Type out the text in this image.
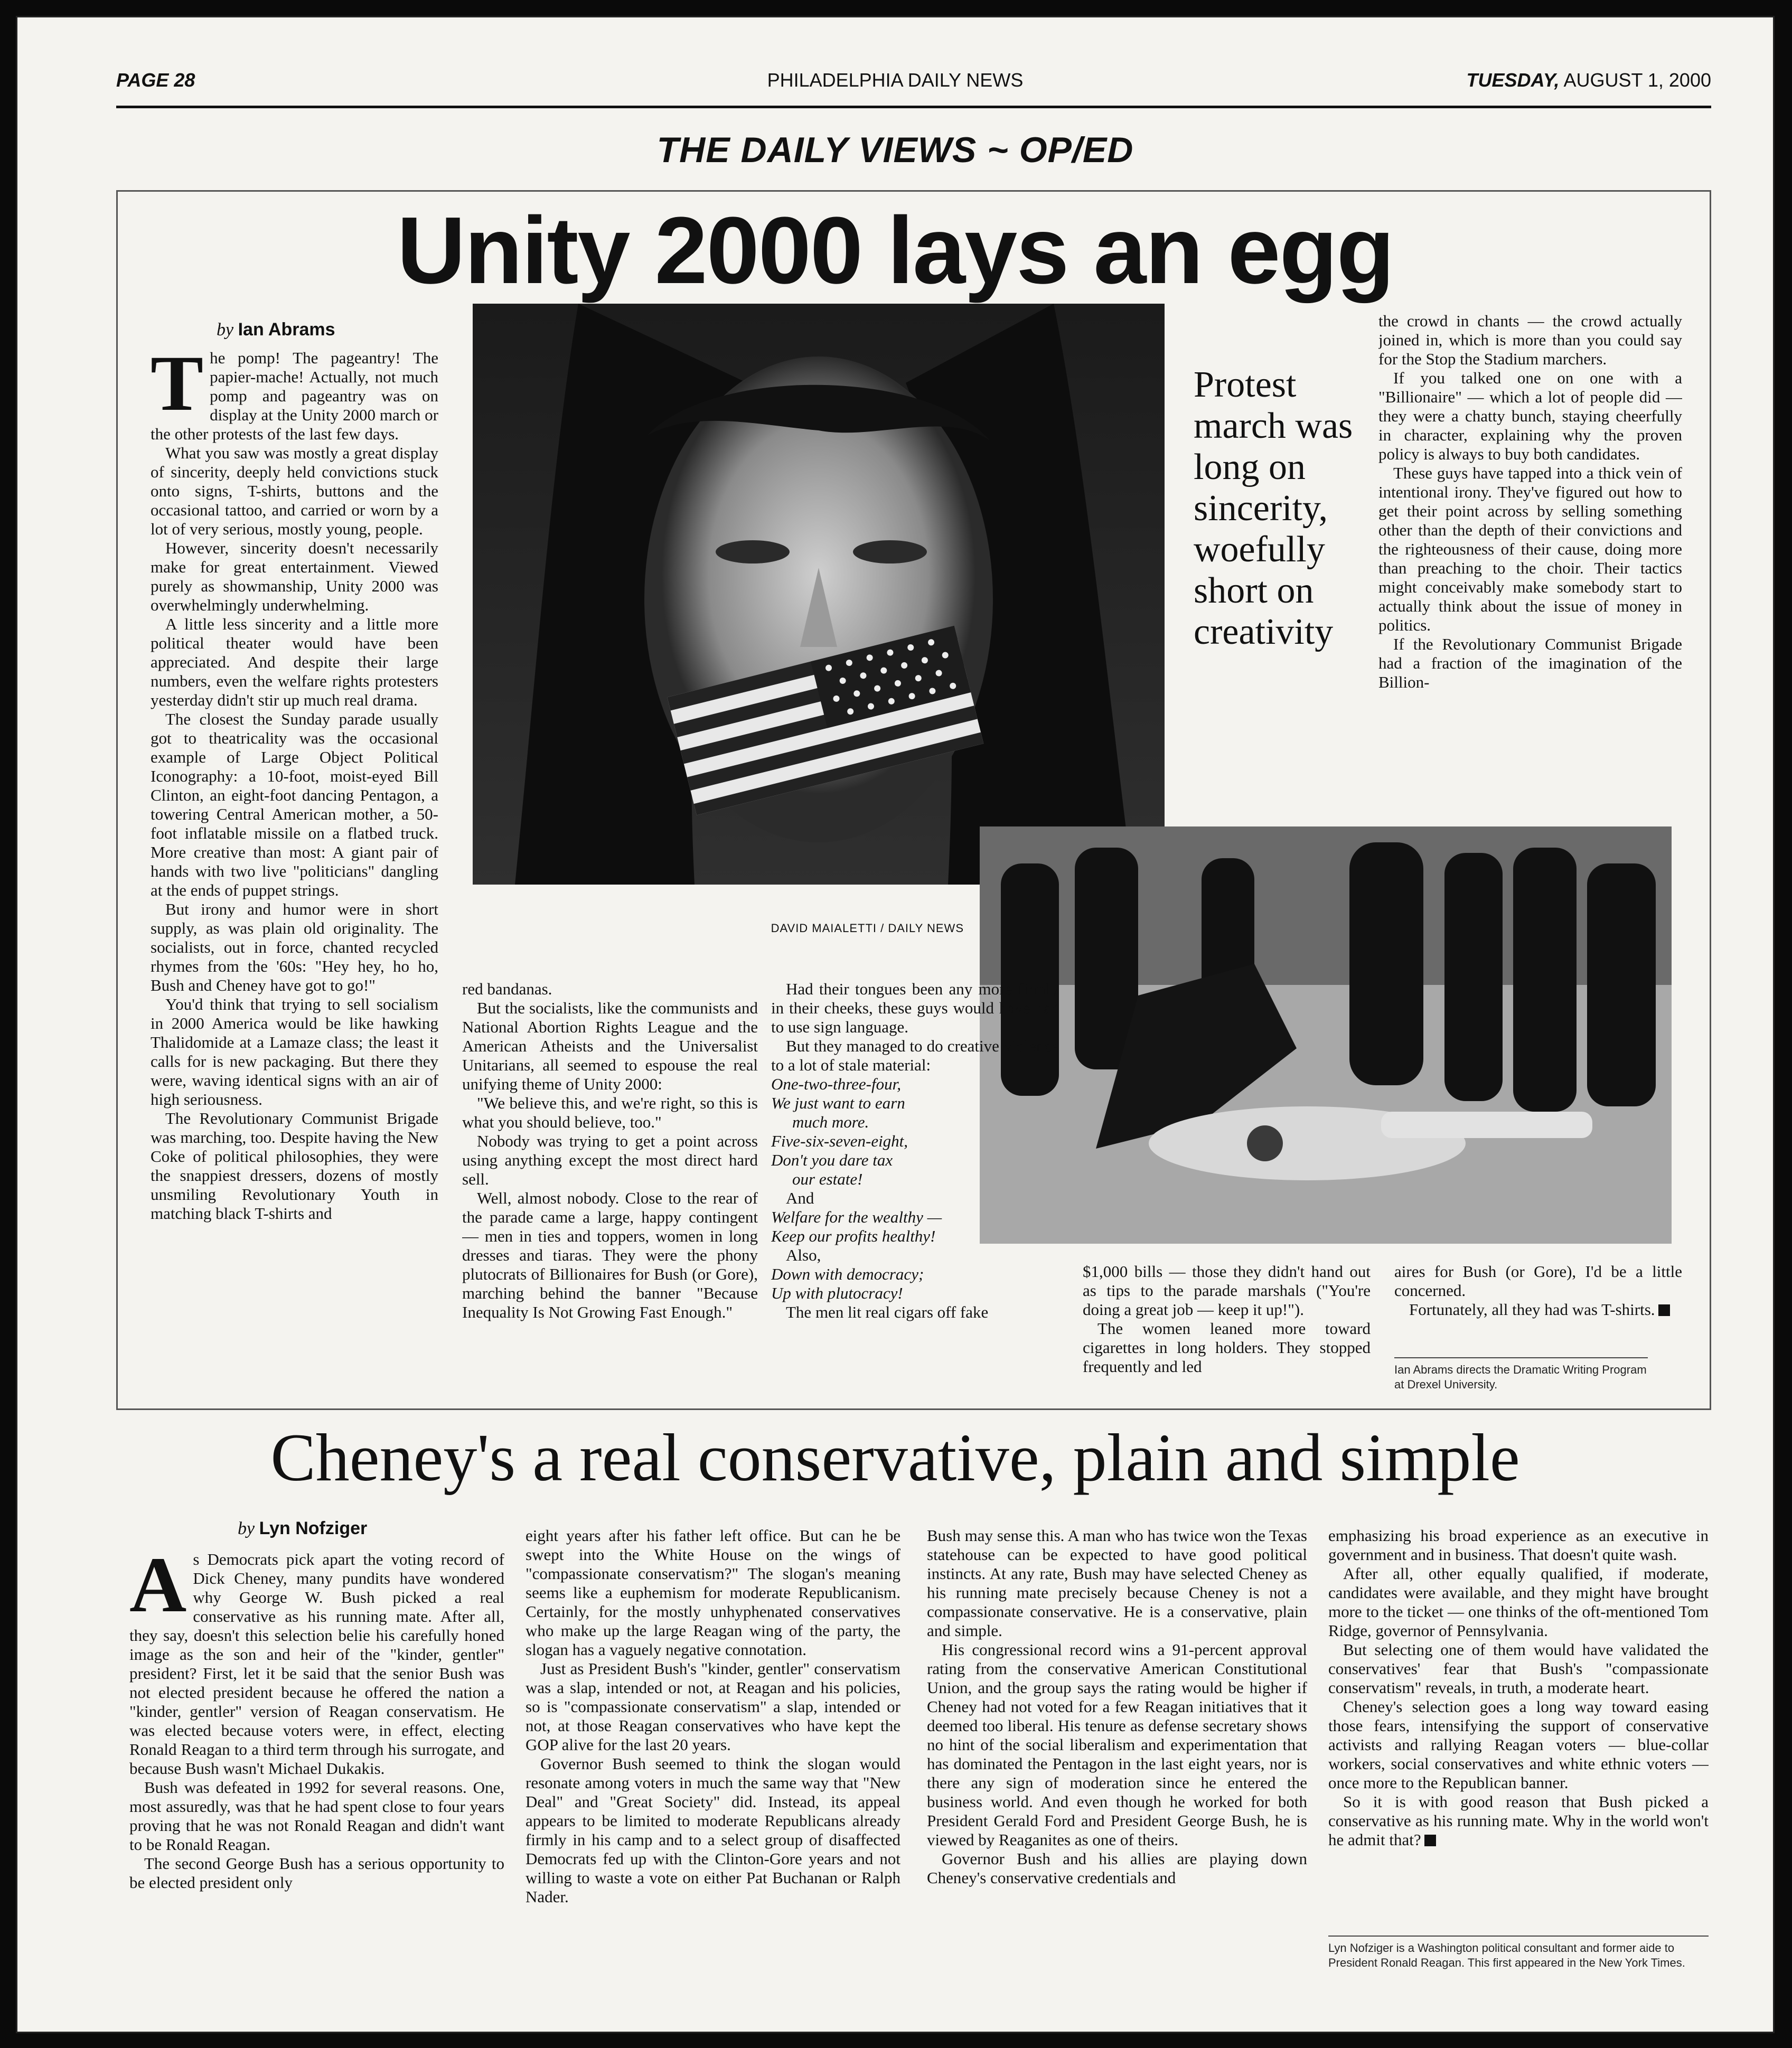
PAGE 28	PHILADELPHIA DAILY NEWS	TUESDAY, AUGUST 1, 2000
THE DAILY VIEWS ~ OP/ED
Unity 2000 lays an egg
by Ian Abrams

The pomp! The pageantry! The papier-mache! Actually, not much pomp and pageantry was on display at the Unity 2000 march or the other protests of the last few days.

What you saw was mostly a great display of sincerity, deeply held convictions stuck onto signs, T-shirts, buttons and the occasional tattoo, and carried or worn by a lot of very serious, mostly young, people.

However, sincerity doesn't necessarily make for great entertainment. Viewed purely as showmanship, Unity 2000 was overwhelmingly underwhelming.

A little less sincerity and a little more political theater would have been appreciated. And despite their large numbers, even the welfare rights protesters yesterday didn't stir up much real drama.

The closest the Sunday parade usually got to theatricality was the occasional example of Large Object Political Iconography: a 10-foot, moist-eyed Bill Clinton, an eight-foot dancing Pentagon, a towering Central American mother, a 50-foot inflatable missile on a flatbed truck. More creative than most: A giant pair of hands with two live "politicians" dangling at the ends of puppet strings.

But irony and humor were in short supply, as was plain old originality. The socialists, out in force, chanted recycled rhymes from the '60s: "Hey hey, ho ho, Bush and Cheney have got to go!"

You'd think that trying to sell socialism in 2000 America would be like hawking Thalidomide at a Lamaze class; the least it calls for is new packaging. But there they were, waving identical signs with an air of high seriousness.

The Revolutionary Communist Brigade was marching, too. Despite having the New Coke of political philosophies, they were the snappiest dressers, dozens of mostly unsmiling Revolutionary Youth in matching black T-shirts and

DAVID MAIALETTI / DAILY NEWS
Protest march was long on sincerity, woefully short on creativity

the crowd in chants — the crowd actually joined in, which is more than you could say for the Stop the Stadium marchers.

If you talked one on one with a "Billionaire" — which a lot of people did — they were a chatty bunch, staying cheerfully in character, explaining why the proven policy is always to buy both candidates.

These guys have tapped into a thick vein of intentional irony. They've figured out how to get their point across by selling something other than the depth of their convictions and the righteousness of their cause, doing more than preaching to the choir. Their tactics might conceivably make somebody start to actually think about the issue of money in politics.

If the Revolutionary Communist Brigade had a fraction of the imagination of the Billion-

red bandanas.

But the socialists, like the communists and National Abortion Rights League and the American Atheists and the Universalist Unitarians, all seemed to espouse the real unifying theme of Unity 2000:

"We believe this, and we're right, so this is what you should believe, too."

Nobody was trying to get a point across using anything except the most direct hard sell.

Well, almost nobody. Close to the rear of the parade came a large, happy contingent — men in ties and toppers, women in long dresses and tiaras. They were the phony plutocrats of Billionaires for Bush (or Gore), marching behind the banner "Because Inequality Is Not Growing Fast Enough."

Had their tongues been any more firmly in their cheeks, these guys would have had to use sign language.

But they managed to do creative violence to a lot of stale material:

One-two-three-four,

We just want to earn

much more.

Five-six-seven-eight,

Don't you dare tax

our estate!

And

Welfare for the wealthy —

Keep our profits healthy!

Also,

Down with democracy;

Up with plutocracy!

The men lit real cigars off fake

$1,000 bills — those they didn't hand out as tips to the parade marshals ("You're doing a great job — keep it up!").

The women leaned more toward cigarettes in long holders. They stopped frequently and led

aires for Bush (or Gore), I'd be a little concerned.

Fortunately, all they had was T-shirts.

Ian Abrams directs the Dramatic Writing Program at Drexel University.
Cheney's a real conservative, plain and simple
by Lyn Nofziger

As Democrats pick apart the voting record of Dick Cheney, many pundits have wondered why George W. Bush picked a real conservative as his running mate. After all, they say, doesn't this selection belie his carefully honed image as the son and heir of the "kinder, gentler" president? First, let it be said that the senior Bush was not elected president because he offered the nation a "kinder, gentler" version of Reagan conservatism. He was elected because voters were, in effect, electing Ronald Reagan to a third term through his surrogate, and because Bush wasn't Michael Dukakis.

Bush was defeated in 1992 for several reasons. One, most assuredly, was that he had spent close to four years proving that he was not Ronald Reagan and didn't want to be Ronald Reagan.

The second George Bush has a serious opportunity to be elected president only

eight years after his father left office. But can he be swept into the White House on the wings of "compassionate conservatism?" The slogan's meaning seems like a euphemism for moderate Republicanism. Certainly, for the mostly unhyphenated conservatives who make up the large Reagan wing of the party, the slogan has a vaguely negative connotation.

Just as President Bush's "kinder, gentler" conservatism was a slap, intended or not, at Reagan and his policies, so is "compassionate conservatism" a slap, intended or not, at those Reagan conservatives who have kept the GOP alive for the last 20 years.

Governor Bush seemed to think the slogan would resonate among voters in much the same way that "New Deal" and "Great Society" did. Instead, its appeal appears to be limited to moderate Republicans already firmly in his camp and to a select group of disaffected Democrats fed up with the Clinton-Gore years and not willing to waste a vote on either Pat Buchanan or Ralph Nader.

Bush may sense this. A man who has twice won the Texas statehouse can be expected to have good political instincts. At any rate, Bush may have selected Cheney as his running mate precisely because Cheney is not a compassionate conservative. He is a conservative, plain and simple.

His congressional record wins a 91-percent approval rating from the conservative American Constitutional Union, and the group says the rating would be higher if Cheney had not voted for a few Reagan initiatives that it deemed too liberal. His tenure as defense secretary shows no hint of the social liberalism and experimentation that has dominated the Pentagon in the last eight years, nor is there any sign of moderation since he entered the business world. And even though he worked for both President Gerald Ford and President George Bush, he is viewed by Reaganites as one of theirs.

Governor Bush and his allies are playing down Cheney's conservative credentials and

emphasizing his broad experience as an executive in government and in business. That doesn't quite wash.

After all, other equally qualified, if moderate, candidates were available, and they might have brought more to the ticket — one thinks of the oft-mentioned Tom Ridge, governor of Pennsylvania.

But selecting one of them would have validated the conservatives' fear that Bush's "compassionate conservatism" reveals, in truth, a moderate heart.

Cheney's selection goes a long way toward easing those fears, intensifying the support of conservative activists and rallying Reagan voters — blue-collar workers, social conservatives and white ethnic voters — once more to the Republican banner.

So it is with good reason that Bush picked a conservative as his running mate. Why in the world won't he admit that?

Lyn Nofziger is a Washington political consultant and former aide to President Ronald Reagan. This first appeared in the New York Times.
